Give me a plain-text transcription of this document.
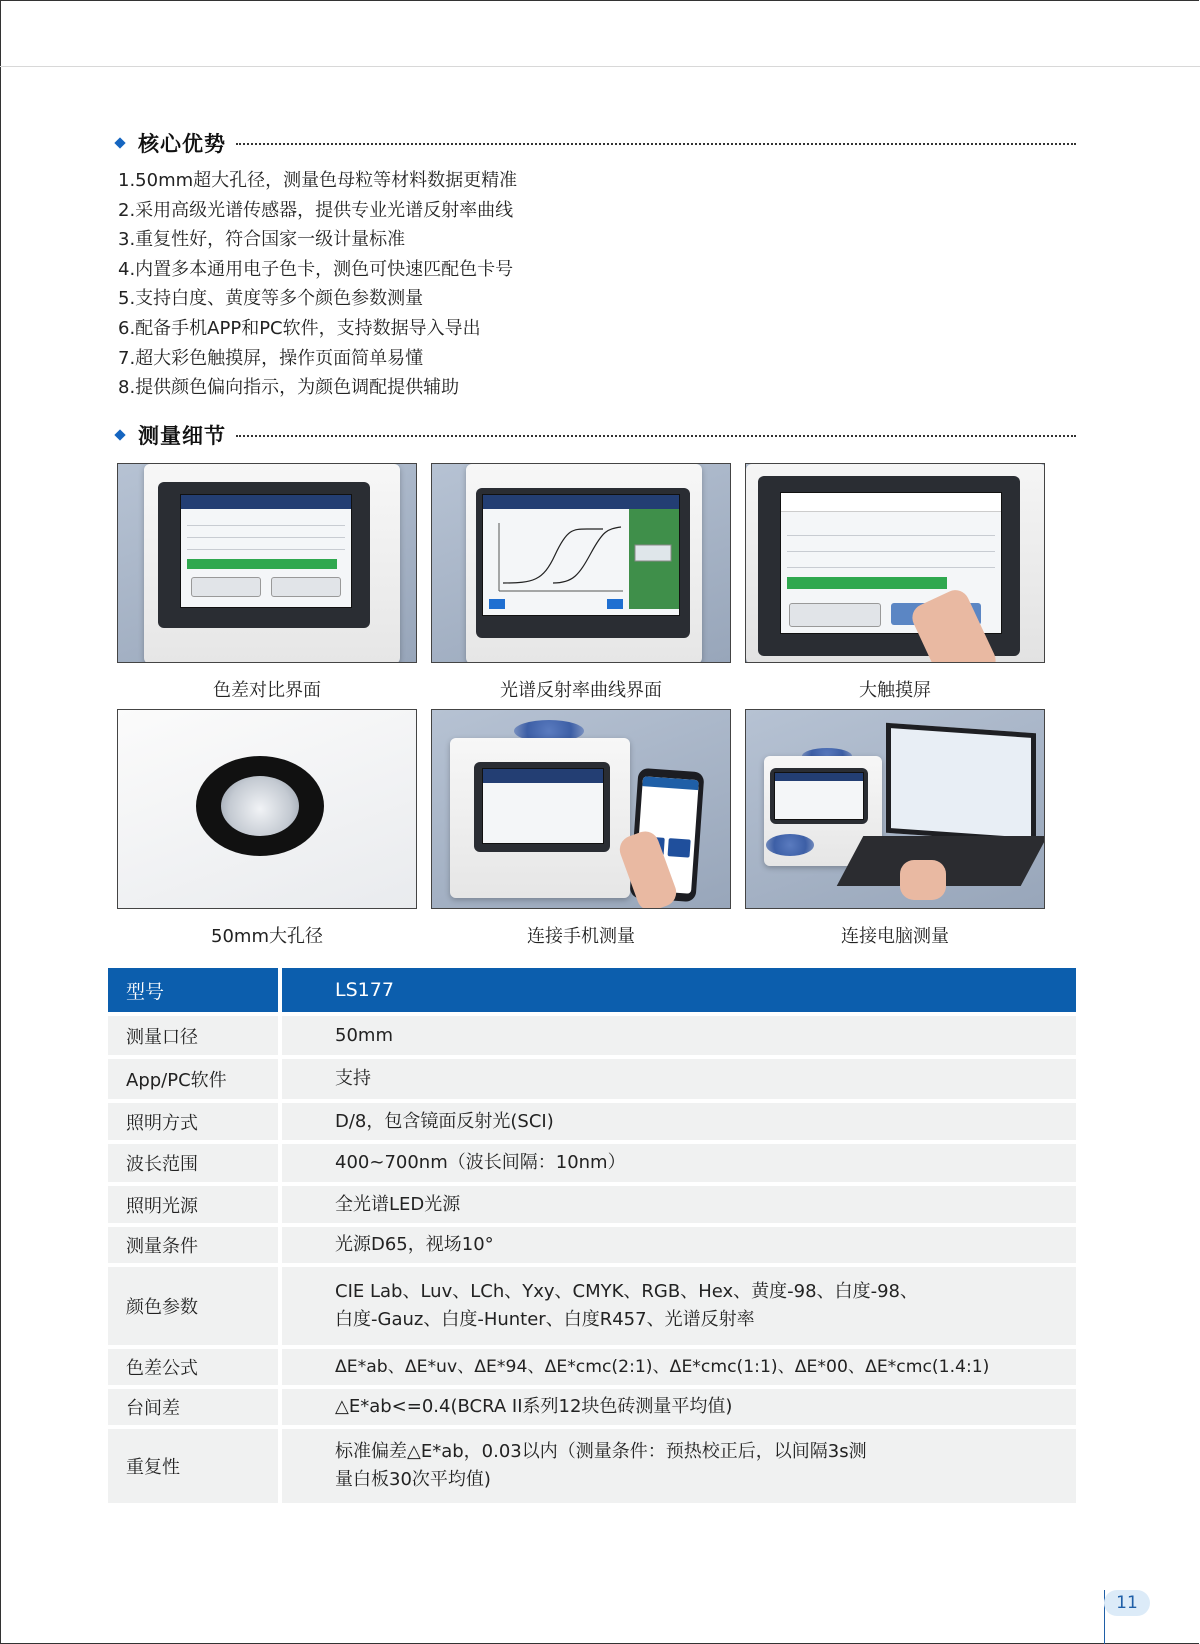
核心优势
1.50mm超大孔径，测量色母粒等材料数据更精准
2.采用高级光谱传感器，提供专业光谱反射率曲线
3.重复性好，符合国家一级计量标准
4.内置多本通用电子色卡，测色可快速匹配色卡号
5.支持白度、黄度等多个颜色参数测量
6.配备手机APP和PC软件，支持数据导入导出
7.超大彩色触摸屏，操作页面简单易懂
8.提供颜色偏向指示，为颜色调配提供辅助
测量细节
色差对比界面	光谱反射率曲线界面	大触摸屏
50mm大孔径	连接手机测量	连接电脑测量
型号	LS177
测量口径	50mm
App/PC软件	支持
照明方式	D/8，包含镜面反射光(SCI)
波长范围	400~700nm（波长间隔：10nm）
照明光源	全光谱LED光源
测量条件	光源D65，视场10°
颜色参数	CIE Lab、Luv、LCh、Yxy、CMYK、RGB、Hex、黄度-98、白度-98、
白度-Gauz、白度-Hunter、白度R457、光谱反射率

色差公式	ΔE*ab、ΔE*uv、ΔE*94、ΔE*cmc(2:1)、ΔE*cmc(1:1)、ΔE*00、ΔE*cmc(1.4:1)
台间差	△E*ab<=0.4(BCRA II系列12块色砖测量平均值)
重复性	标准偏差△E*ab，0.03以内（测量条件：预热校正后，以间隔3s测
量白板30次平均值)
11
